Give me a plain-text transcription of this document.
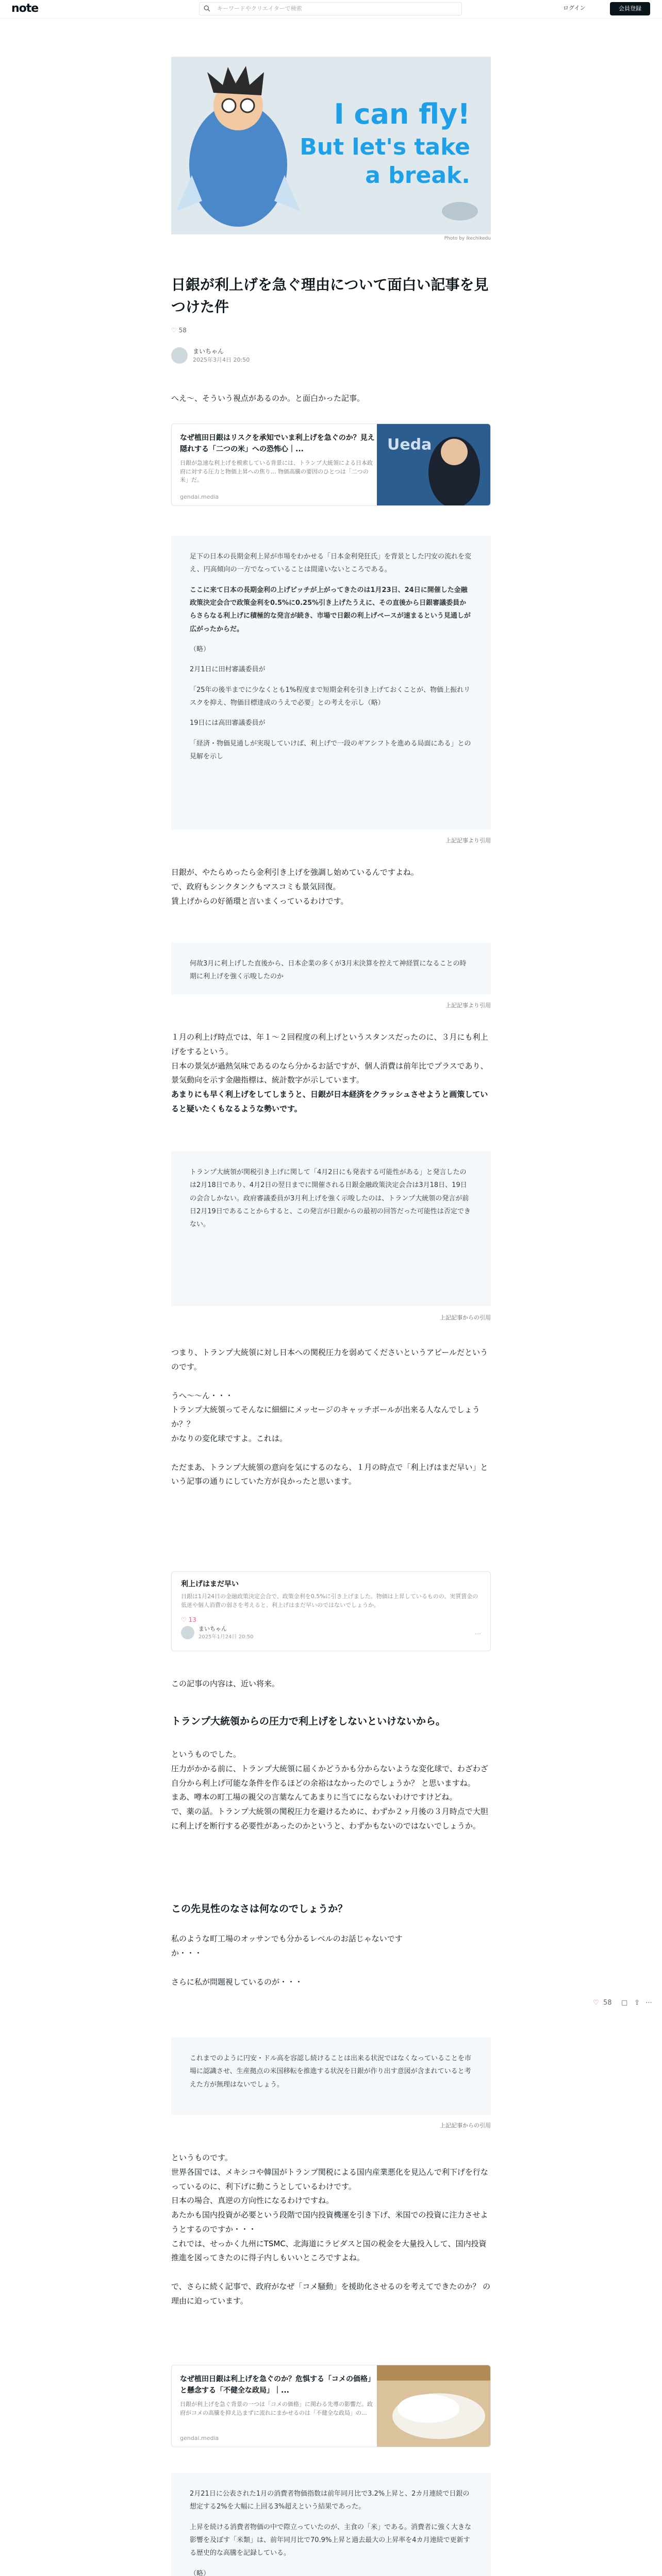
note	キーワードやクリエイターで検索	ログイン	会員登録
I can fly!
But let's take
a break.
Photo by ikechikedu
日銀が利上げを急ぐ理由について面白い記事を見つけた件
♡ 58
まいちゃん
2025年3月4日 20:50

へえ〜、そういう視点があるのか。と面白かった記事。

なぜ植田日銀はリスクを承知でいま利上げを急ぐのか？見え隠れする「二つの米」への恐怖心｜...
日銀が急速な利上げを模索している背景には、トランプ大統領による日本政府に対する圧力と物価上昇への焦り... 物価高騰の要因のひとつは「二つの米」だ。
gendai.media
Ueda

足下の日本の長期金利上昇が市場をわかせる「日本金利発狂氏」を背景とした円安の流れを変え、円高傾向の一方でなっていることは間違いないところである。

ここに来て日本の長期金利の上げピッチが上がってきたのは1月23日、24日に開催した金融政策決定会合で政策金利を0.5%に0.25%引き上げたうえに、その直後から日銀審議委員からさらなる利上げに積極的な発言が続き、市場で日銀の利上げペースが速まるという見通しが広がったからだ。

（略）

2月1日に田村審議委員が

「25年の後半までに少なくとも1%程度まで短期金利を引き上げておくことが、物価上振れリスクを抑え、物価目標達成のうえで必要」との考えを示し（略）

19日には高田審議委員が

「経済・物価見通しが実現していけば、利上げで一段のギアシフトを進める局面にある」との見解を示し

上記記事より引用

日銀が、やたらめったら金利引き上げを強調し始めているんですよね。

で、政府もシンクタンクもマスコミも景気回復。

賃上げからの好循環と言いまくっているわけです。

何故3月に利上げした直後から、日本企業の多くが3月末決算を控えて神経質になることの時期に利上げを強く示唆したのか

上記記事より引用

１月の利上げ時点では、年１〜２回程度の利上げというスタンスだったのに、３月にも利上げをするという。

日本の景気が過熱気味であるのなら分かるお話ですが、個人消費は前年比でプラスであり、景気動向を示す金融指標は、統計数字が示しています。

あまりにも早く利上げをしてしまうと、日銀が日本経済をクラッシュさせようと画策していると疑いたくもなるような勢いです。

トランプ大統領が関税引き上げに関して「4月2日にも発表する可能性がある」と発言したのは2月18日であり、4月2日の翌日までに開催される日銀金融政策決定会合は3月18日、19日の会合しかない。政府審議委員が3月利上げを強く示唆したのは、トランプ大統領の発言が前日2月19日であることからすると、この発言が日銀からの最初の回答だった可能性は否定できない。

上記記事からの引用

つまり、トランプ大統領に対し日本への関税圧力を弱めてくださいというアピールだというのです。

うへ〜〜ん・・・

トランプ大統領ってそんなに細細にメッセージのキャッチボールが出来る人なんでしょうか？？

かなりの変化球ですよ。これは。

ただまあ、トランプ大統領の意向を気にするのなら、１月の時点で「利上げはまだ早い」という記事の通りにしていた方が良かったと思います。

利上げはまだ早い
日銀は1月24日の金融政策決定会合で、政策金利を0.5%に引き上げました。物価は上昇しているものの、実質賃金の低迷や個人消費の弱さを考えると、利上げはまだ早いのではないでしょうか。
♡ 13
まいちゃん
2025年1月24日 20:50	⋯

この記事の内容は、近い将来。

トランプ大統領からの圧力で利上げをしないといけないから。

というものでした。

圧力がかかる前に、トランプ大統領に届くかどうかも分からないような変化球で、わざわざ自分から利上げ可能な条件を作るほどの余裕はなかったのでしょうか？ と思いますね。

まあ、噂本の町工場の親父の言葉なんてあまりに当てにならないわけですけどね。

で、薬の話。トランプ大統領の関税圧力を避けるために、わずか２ヶ月後の３月時点で大胆に利上げを断行する必要性があったのかというと、わずかもないのではないでしょうか。

この先見性のなさは何なのでしょうか？

私のような町工場のオッサンでも分かるレベルのお話じゃないです

か・・・

さらに私が問題視しているのが・・・

♡ 58 □ ⇪ ⋯

これまでのように円安・ドル高を容認し続けることは出来る状況ではなくなっていることを市場に認識させ、生産拠点の米国移転を推進する状況を日銀が作り出す意図が含まれていると考えた方が無理はないでしょう。

上記記事からの引用

というものです。

世界各国では、メキシコや韓国がトランプ関税による国内産業悪化を見込んで利下げを行なっているのに、利下げに動こうとしているわけです。

日本の場合、真逆の方向性になるわけですね。

あたかも国内投資が必要という段階で国内投資機運を引き下げ、米国での投資に注力させようとするのですか・・・

これでは、せっかく九州にTSMC、北海道にラピダスと国の税金を大量投入して、国内投資推進を図ってきたのに得子内しもいいところですよね。

で、さらに続く記事で、政府がなぜ「コメ騒動」を援助化させるのを考えてできたのか？ の理由に迫っています。

なぜ植田日銀は利上げを急ぐのか？危惧する「コメの価格」と懸念する「不健全な政局」｜...
日銀が利上げを急ぐ背景の一つは「コメの価格」に関わる先導の影響だ。政府がコメの高騰を抑え込まずに流れにまかせるのは「不健全な政局」の...
gendai.media

2月21日に公表された1月の消費者物価指数は前年同月比で3.2%上昇と、2カ月連続で日銀の想定する2%を大幅に上回る3%超えという結果であった。

上昇を続ける消費者物価の中で際立っていたのが、主食の「米」である。消費者に強く大きな影響を及ぼす「米類」は、前年同月比で70.9%上昇と過去最大の上昇率を4カ月連続で更新する歴史的な高騰を記録している。

（略）
